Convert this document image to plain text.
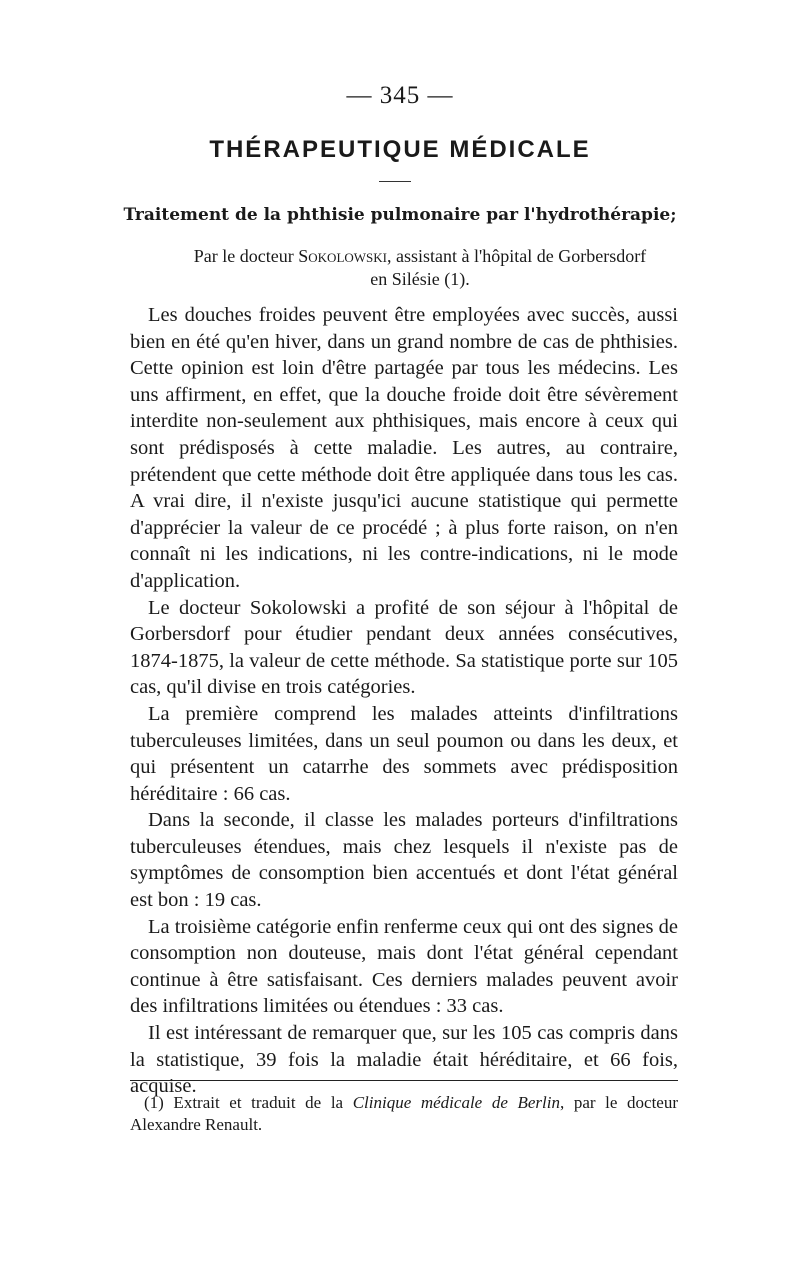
— 345 —
THÉRAPEUTIQUE MÉDICALE
Traitement de la phthisie pulmonaire par l'hydrothérapie;
Par le docteur Sokolowski, assistant à l'hôpital de Gorbersdorf
en Silésie (1).

Les douches froides peuvent être employées avec succès, aussi bien en été qu'en hiver, dans un grand nombre de cas de phthisies. Cette opinion est loin d'être partagée par tous les médecins. Les uns affirment, en effet, que la douche froide doit être sévèrement interdite non-seulement aux phthisiques, mais encore à ceux qui sont prédisposés à cette maladie. Les autres, au contraire, prétendent que cette méthode doit être appliquée dans tous les cas. A vrai dire, il n'existe jusqu'ici aucune statistique qui permette d'apprécier la valeur de ce procédé ; à plus forte raison, on n'en connaît ni les indications, ni les contre-indications, ni le mode d'application.

Le docteur Sokolowski a profité de son séjour à l'hôpital de Gorbersdorf pour étudier pendant deux années consécutives, 1874-1875, la valeur de cette méthode. Sa statistique porte sur 105 cas, qu'il divise en trois catégories.

La première comprend les malades atteints d'infiltrations tuberculeuses limitées, dans un seul poumon ou dans les deux, et qui présentent un catarrhe des sommets avec prédisposition héréditaire : 66 cas.

Dans la seconde, il classe les malades porteurs d'infiltrations tuberculeuses étendues, mais chez lesquels il n'existe pas de symptômes de consomption bien accentués et dont l'état général est bon : 19 cas.

La troisième catégorie enfin renferme ceux qui ont des signes de consomption non douteuse, mais dont l'état général cependant continue à être satisfaisant. Ces derniers malades peuvent avoir des infiltrations limitées ou étendues : 33 cas.

Il est intéressant de remarquer que, sur les 105 cas compris dans la statistique, 39 fois la maladie était héréditaire, et 66 fois, acquise.

(1) Extrait et traduit de la Clinique médicale de Berlin, par le docteur Alexandre Renault.
